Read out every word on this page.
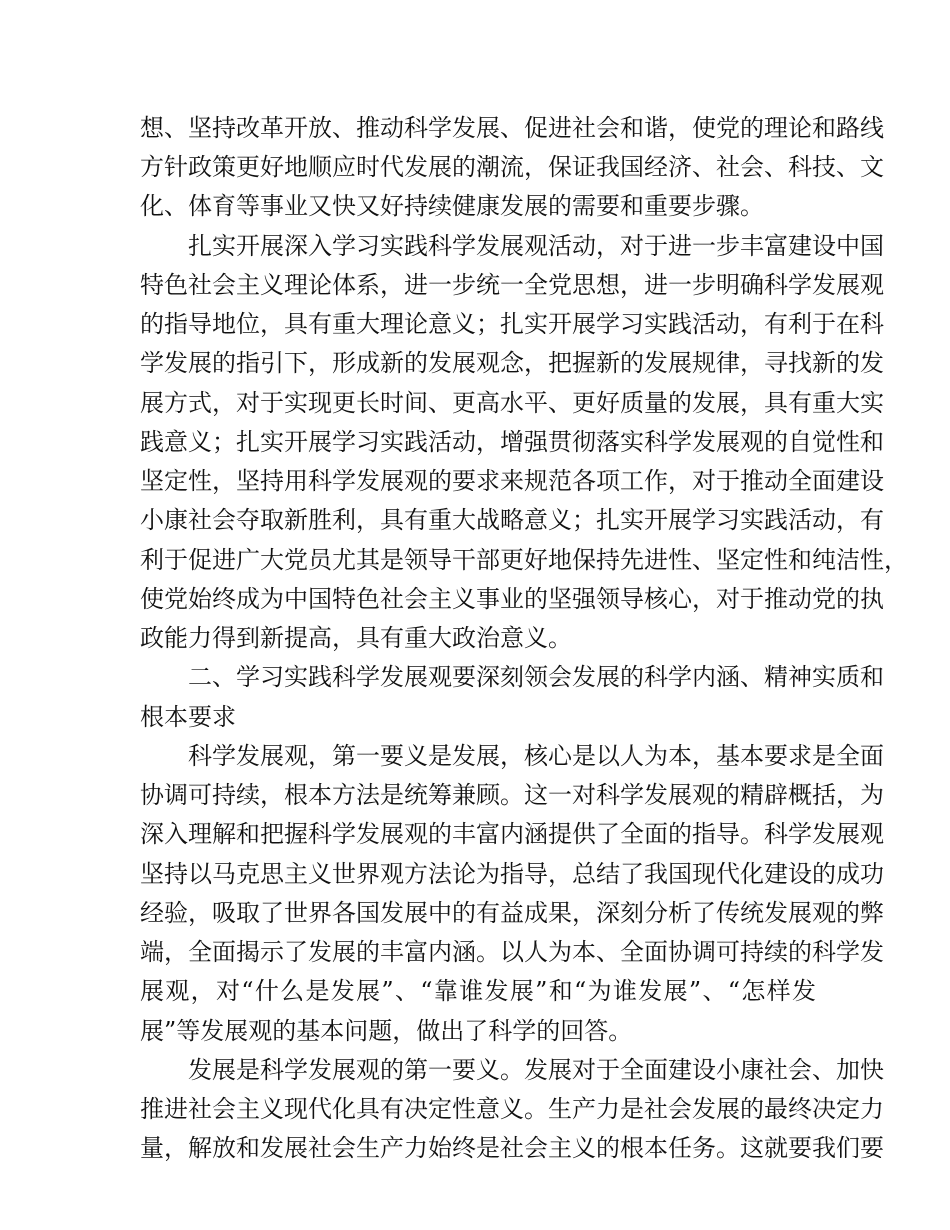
想、坚持改革开放、推动科学发展、促进社会和谐，使党的理论和路线
方针政策更好地顺应时代发展的潮流，保证我国经济、社会、科技、文
化、体育等事业又快又好持续健康发展的需要和重要步骤。
扎实开展深入学习实践科学发展观活动，对于进一步丰富建设中国
特色社会主义理论体系，进一步统一全党思想，进一步明确科学发展观
的指导地位，具有重大理论意义；扎实开展学习实践活动，有利于在科
学发展的指引下，形成新的发展观念，把握新的发展规律，寻找新的发
展方式，对于实现更长时间、更高水平、更好质量的发展，具有重大实
践意义；扎实开展学习实践活动，增强贯彻落实科学发展观的自觉性和
坚定性，坚持用科学发展观的要求来规范各项工作，对于推动全面建设
小康社会夺取新胜利，具有重大战略意义；扎实开展学习实践活动，有
利于促进广大党员尤其是领导干部更好地保持先进性、坚定性和纯洁性，
使党始终成为中国特色社会主义事业的坚强领导核心，对于推动党的执
政能力得到新提高，具有重大政治意义。
二、学习实践科学发展观要深刻领会发展的科学内涵、精神实质和
根本要求
科学发展观，第一要义是发展，核心是以人为本，基本要求是全面
协调可持续，根本方法是统筹兼顾。这一对科学发展观的精辟概括，为
深入理解和把握科学发展观的丰富内涵提供了全面的指导。科学发展观
坚持以马克思主义世界观方法论为指导，总结了我国现代化建设的成功
经验，吸取了世界各国发展中的有益成果，深刻分析了传统发展观的弊
端，全面揭示了发展的丰富内涵。以人为本、全面协调可持续的科学发
展观，对“什么是发展”、“靠谁发展”和“为谁发展”、“怎样发
展”等发展观的基本问题，做出了科学的回答。
发展是科学发展观的第一要义。发展对于全面建设小康社会、加快
推进社会主义现代化具有决定性意义。生产力是社会发展的最终决定力
量，解放和发展社会生产力始终是社会主义的根本任务。这就要我们要
